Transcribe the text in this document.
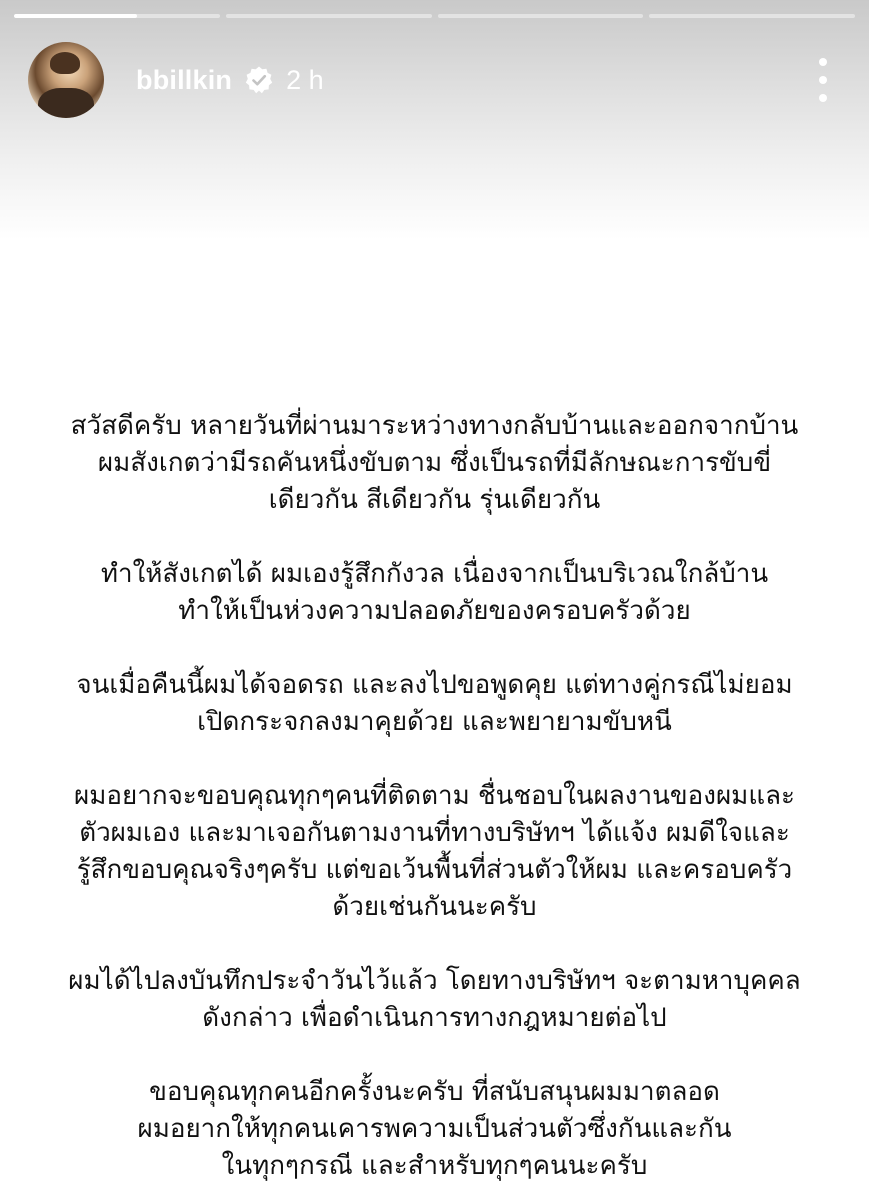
bbillkin 2 h

สวัสดีครับ หลายวันที่ผ่านมาระหว่างทางกลับบ้านและออกจากบ้าน
ผมสังเกตว่ามีรถคันหนึ่งขับตาม ซึ่งเป็นรถที่มีลักษณะการขับขี่
เดียวกัน สีเดียวกัน รุ่นเดียวกัน

ทำให้สังเกตได้ ผมเองรู้สึกกังวล เนื่องจากเป็นบริเวณใกล้บ้าน
ทำให้เป็นห่วงความปลอดภัยของครอบครัวด้วย

จนเมื่อคืนนี้ผมได้จอดรถ และลงไปขอพูดคุย แต่ทางคู่กรณีไม่ยอม
เปิดกระจกลงมาคุยด้วย และพยายามขับหนี

ผมอยากจะขอบคุณทุกๆคนที่ติดตาม ชื่นชอบในผลงานของผมและ
ตัวผมเอง และมาเจอกันตามงานที่ทางบริษัทฯ ได้แจ้ง ผมดีใจและ
รู้สึกขอบคุณจริงๆครับ แต่ขอเว้นพื้นที่ส่วนตัวให้ผม และครอบครัว
ด้วยเช่นกันนะครับ

ผมได้ไปลงบันทึกประจำวันไว้แล้ว โดยทางบริษัทฯ จะตามหาบุคคล
ดังกล่าว เพื่อดำเนินการทางกฎหมายต่อไป

ขอบคุณทุกคนอีกครั้งนะครับ ที่สนับสนุนผมมาตลอด
ผมอยากให้ทุกคนเคารพความเป็นส่วนตัวซึ่งกันและกัน
ในทุกๆกรณี และสำหรับทุกๆคนนะครับ
